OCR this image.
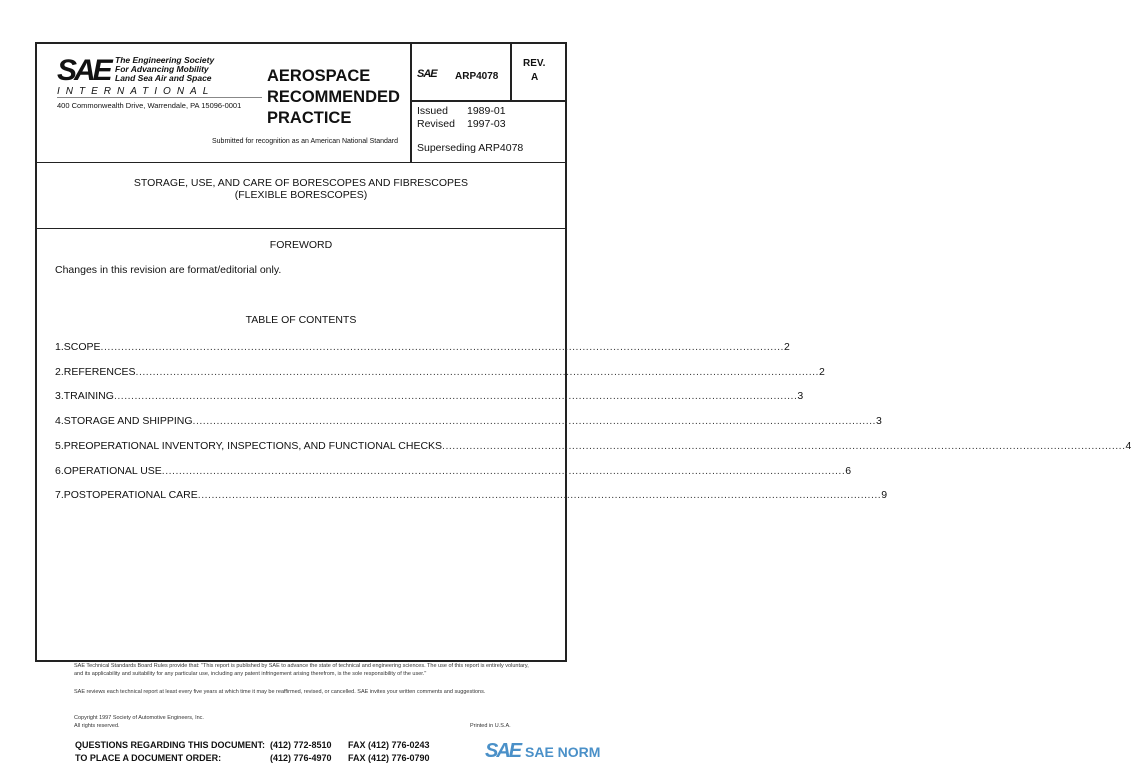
SAE The Engineering Society
For Advancing Mobility
Land Sea Air and Space
INTERNATIONAL
400 Commonwealth Drive, Warrendale, PA 15096-0001
AEROSPACE
RECOMMENDED
PRACTICE
Submitted for recognition as an American National Standard
SAE ARP4078
REV.
A
Issued 1989-01
Revised 1997-03
Superseding ARP4078
STORAGE, USE, AND CARE OF BORESCOPES AND FIBRESCOPES
(FLEXIBLE BORESCOPES)
FOREWORD
Changes in this revision are format/editorial only.
TABLE OF CONTENTS
1. SCOPE ........................................................................................................................................................................................................ 2
2. REFERENCES ........................................................................................................................................................................................................ 2
3. TRAINING ........................................................................................................................................................................................................ 3
4. STORAGE AND SHIPPING ........................................................................................................................................................................................................ 3
5. PREOPERATIONAL INVENTORY, INSPECTIONS, AND FUNCTIONAL CHECKS ........................................................................................................................................................................................................ 4
6. OPERATIONAL USE ........................................................................................................................................................................................................ 6
7. POSTOPERATIONAL CARE ........................................................................................................................................................................................................ 9
SAE Technical Standards Board Rules provide that: "This report is published by SAE to advance the state of technical and engineering sciences. The use of this report is entirely voluntary, and its applicability and suitability for any particular use, including any patent infringement arising therefrom, is the sole responsibility of the user."
SAE reviews each technical report at least every five years at which time it may be reaffirmed, revised, or cancelled. SAE invites your written comments and suggestions.
Copyright 1997 Society of Automotive Engineers, Inc.
All rights reserved.	Printed in U.S.A.
QUESTIONS REGARDING THIS DOCUMENT: (412) 772-8510 FAX (412) 776-0243
TO PLACE A DOCUMENT ORDER:	(412) 776-4970 FAX (412) 776-0790	SAE SAE NORM
